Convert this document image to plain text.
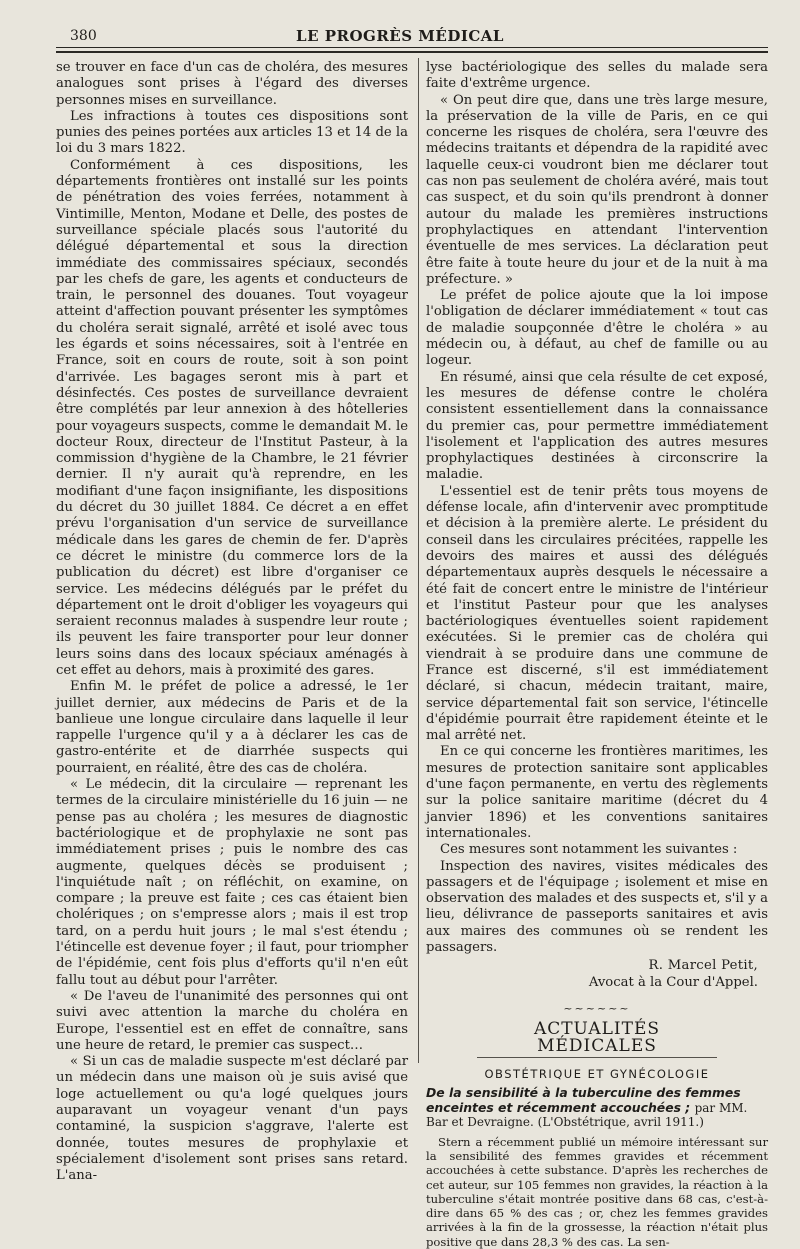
380	LE PROGRÈS MÉDICAL

se trouver en face d'un cas de choléra, des mesures analogues sont prises à l'égard des diverses personnes mises en surveillance.

Les infractions à toutes ces dispositions sont punies des peines portées aux articles 13 et 14 de la loi du 3 mars 1822.

Conformément à ces dispositions, les départements frontières ont installé sur les points de pénétration des voies ferrées, notamment à Vintimille, Menton, Modane et Delle, des postes de surveillance spéciale placés sous l'autorité du délégué départemental et sous la direction immédiate des commissaires spéciaux, secondés par les chefs de gare, les agents et conducteurs de train, le personnel des douanes. Tout voyageur atteint d'affection pouvant présenter les symptômes du choléra serait signalé, arrêté et isolé avec tous les égards et soins nécessaires, soit à l'entrée en France, soit en cours de route, soit à son point d'arrivée. Les bagages seront mis à part et désinfectés. Ces postes de surveillance devraient être complétés par leur annexion à des hôtelleries pour voyageurs suspects, comme le demandait M. le docteur Roux, directeur de l'Institut Pasteur, à la commission d'hygiène de la Chambre, le 21 février dernier. Il n'y aurait qu'à reprendre, en les modifiant d'une façon insignifiante, les dispositions du décret du 30 juillet 1884. Ce décret a en effet prévu l'organisation d'un service de surveillance médicale dans les gares de chemin de fer. D'après ce décret le ministre (du commerce lors de la publication du décret) est libre d'organiser ce service. Les médecins délégués par le préfet du département ont le droit d'obliger les voyageurs qui seraient reconnus malades à suspendre leur route ; ils peuvent les faire transporter pour leur donner leurs soins dans des locaux spéciaux aménagés à cet effet au dehors, mais à proximité des gares.

Enfin M. le préfet de police a adressé, le 1er juillet dernier, aux médecins de Paris et de la banlieue une longue circulaire dans laquelle il leur rappelle l'urgence qu'il y a à déclarer les cas de gastro-entérite et de diarrhée suspects qui pourraient, en réalité, être des cas de choléra.

« Le médecin, dit la circulaire — reprenant les termes de la circulaire ministérielle du 16 juin — ne pense pas au choléra ; les mesures de diagnostic bactériologique et de prophylaxie ne sont pas immédiatement prises ; puis le nombre des cas augmente, quelques décès se produisent ; l'inquiétude naît ; on réfléchit, on examine, on compare ; la preuve est faite ; ces cas étaient bien cholériques ; on s'empresse alors ; mais il est trop tard, on a perdu huit jours ; le mal s'est étendu ; l'étincelle est devenue foyer ; il faut, pour triompher de l'épidémie, cent fois plus d'efforts qu'il n'en eût fallu tout au début pour l'arrêter.

« De l'aveu de l'unanimité des personnes qui ont suivi avec attention la marche du choléra en Europe, l'essentiel est en effet de connaître, sans une heure de retard, le premier cas suspect…

« Si un cas de maladie suspecte m'est déclaré par un médecin dans une maison où je suis avisé que loge actuellement ou qu'a logé quelques jours auparavant un voyageur venant d'un pays contaminé, la suspicion s'aggrave, l'alerte est donnée, toutes mesures de prophylaxie et spécialement d'isolement sont prises sans retard. L'ana-

lyse bactériologique des selles du malade sera faite d'extrême urgence.

« On peut dire que, dans une très large mesure, la préservation de la ville de Paris, en ce qui concerne les risques de choléra, sera l'œuvre des médecins traitants et dépendra de la rapidité avec laquelle ceux-ci voudront bien me déclarer tout cas non pas seulement de choléra avéré, mais tout cas suspect, et du soin qu'ils prendront à donner autour du malade les premières instructions prophylactiques en attendant l'intervention éventuelle de mes services. La déclaration peut être faite à toute heure du jour et de la nuit à ma préfecture. »

Le préfet de police ajoute que la loi impose l'obligation de déclarer immédiatement « tout cas de maladie soupçonnée d'être le choléra » au médecin ou, à défaut, au chef de famille ou au logeur.

En résumé, ainsi que cela résulte de cet exposé, les mesures de défense contre le choléra consistent essentiellement dans la connaissance du premier cas, pour permettre immédiatement l'isolement et l'application des autres mesures prophylactiques destinées à circonscrire la maladie.

L'essentiel est de tenir prêts tous moyens de défense locale, afin d'intervenir avec promptitude et décision à la première alerte. Le président du conseil dans les circulaires précitées, rappelle les devoirs des maires et aussi des délégués départementaux auprès desquels le nécessaire a été fait de concert entre le ministre de l'intérieur et l'institut Pasteur pour que les analyses bactériologiques éventuelles soient rapidement exécutées. Si le premier cas de choléra qui viendrait à se produire dans une commune de France est discerné, s'il est immédiatement déclaré, si chacun, médecin traitant, maire, service départemental fait son service, l'étincelle d'épidémie pourrait être rapidement éteinte et le mal arrêté net.

En ce qui concerne les frontières maritimes, les mesures de protection sanitaire sont applicables d'une façon permanente, en vertu des règlements sur la police sanitaire maritime (décret du 4 janvier 1896) et les conventions sanitaires internationales.

Ces mesures sont notamment les suivantes :

Inspection des navires, visites médicales des passagers et de l'équipage ; isolement et mise en observation des malades et des suspects et, s'il y a lieu, délivrance de passeports sanitaires et avis aux maires des communes où se rendent les passagers.

R. Marcel Petit,
Avocat à la Cour d'Appel.
~~~~~~
ACTUALITÉS MÉDICALES
OBSTÉTRIQUE ET GYNÉCOLOGIE

De la sensibilité à la tuberculine des femmes enceintes et récemment accouchées ; par MM. Bar et Devraigne. (L'Obstétrique, avril 1911.)

Stern a récemment publié un mémoire intéressant sur la sensibilité des femmes gravides et récemment accouchées à cette substance. D'après les recherches de cet auteur, sur 105 femmes non gravides, la réaction à la tuberculine s'était montrée positive dans 68 cas, c'est-à-dire dans 65 % des cas ; or, chez les femmes gravides arrivées à la fin de la grossesse, la réaction n'était plus positive que dans 28,3 % des cas. La sen-
